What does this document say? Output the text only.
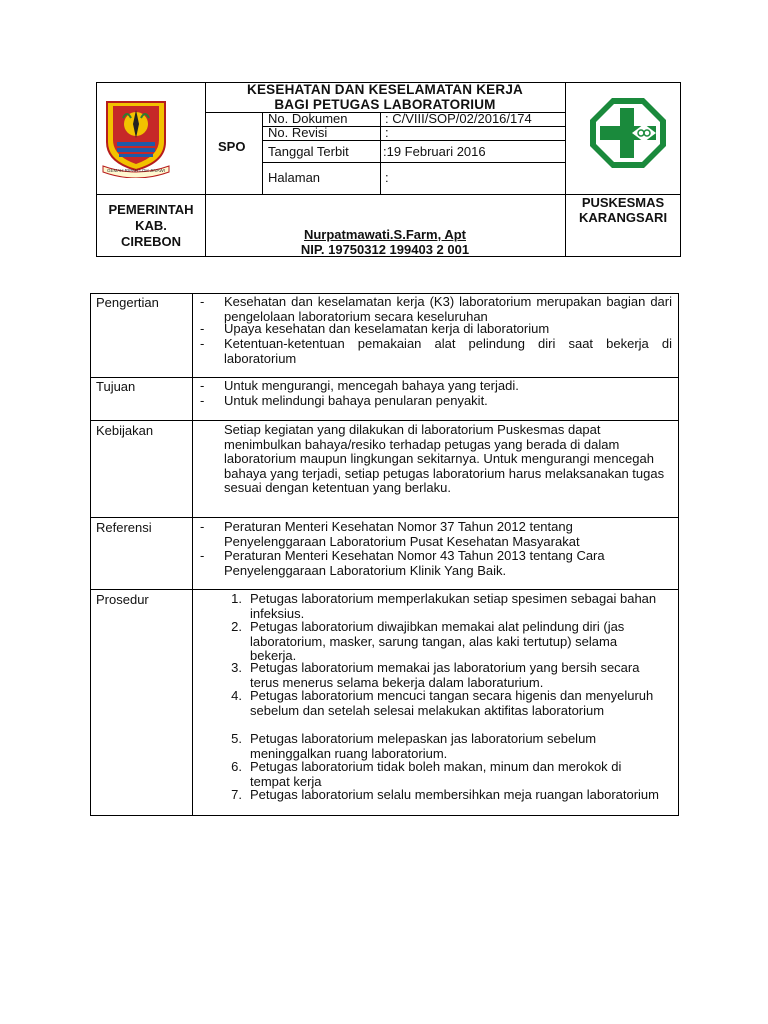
GEMAH RIPAH LOH JINAWI
KESEHATAN DAN KESELAMATAN KERJA
BAGI PETUGAS LABORATORIUM
SPO
No. Dokumen	: C/VIII/SOP/02/2016/174
No. Revisi	:
Tanggal Terbit	:19 Februari 2016
Halaman	:
PEMERINTAH
KAB.
CIREBON
PUSKESMAS
KARANGSARI
Nurpatmawati.S.Farm, Apt
NIP. 19750312 199403 2 001
Pengertian	- Kesehatan dan keselamatan kerja (K3) laboratorium merupakan bagian dari pengelolaan laboratorium secara keseluruhan
- Upaya kesehatan dan keselamatan kerja di laboratorium
- Ketentuan-ketentuan pemakaian alat pelindung diri saat bekerja di laboratorium
Tujuan	- Untuk mengurangi, mencegah bahaya yang terjadi.
- Untuk melindungi bahaya penularan penyakit.
Kebijakan	Setiap kegiatan yang dilakukan di laboratorium Puskesmas dapat menimbulkan bahaya/resiko terhadap petugas yang berada di dalam laboratorium maupun lingkungan sekitarnya. Untuk mengurangi mencegah bahaya yang terjadi, setiap petugas laboratorium harus melaksanakan tugas sesuai dengan ketentuan yang berlaku.
Referensi	- Peraturan Menteri Kesehatan Nomor 37 Tahun 2012 tentang Penyelenggaraan Laboratorium Pusat Kesehatan Masyarakat
- Peraturan Menteri Kesehatan Nomor 43 Tahun 2013 tentang Cara Penyelenggaraan Laboratorium Klinik Yang Baik.
Prosedur	1. Petugas laboratorium memperlakukan setiap spesimen sebagai bahan infeksius.
2. Petugas laboratorium diwajibkan memakai alat pelindung diri (jas laboratorium, masker, sarung tangan, alas kaki tertutup) selama bekerja.
3. Petugas laboratorium memakai jas laboratorium yang bersih secara terus menerus selama bekerja dalam laboraturium.
4. Petugas laboratorium mencuci tangan secara higenis dan menyeluruh sebelum dan setelah selesai melakukan aktifitas laboratorium
5. Petugas laboratorium melepaskan jas laboratorium sebelum meninggalkan ruang laboratorium.
6. Petugas laboratorium tidak boleh makan, minum dan merokok di tempat kerja
7. Petugas laboratorium selalu membersihkan meja ruangan laboratorium
